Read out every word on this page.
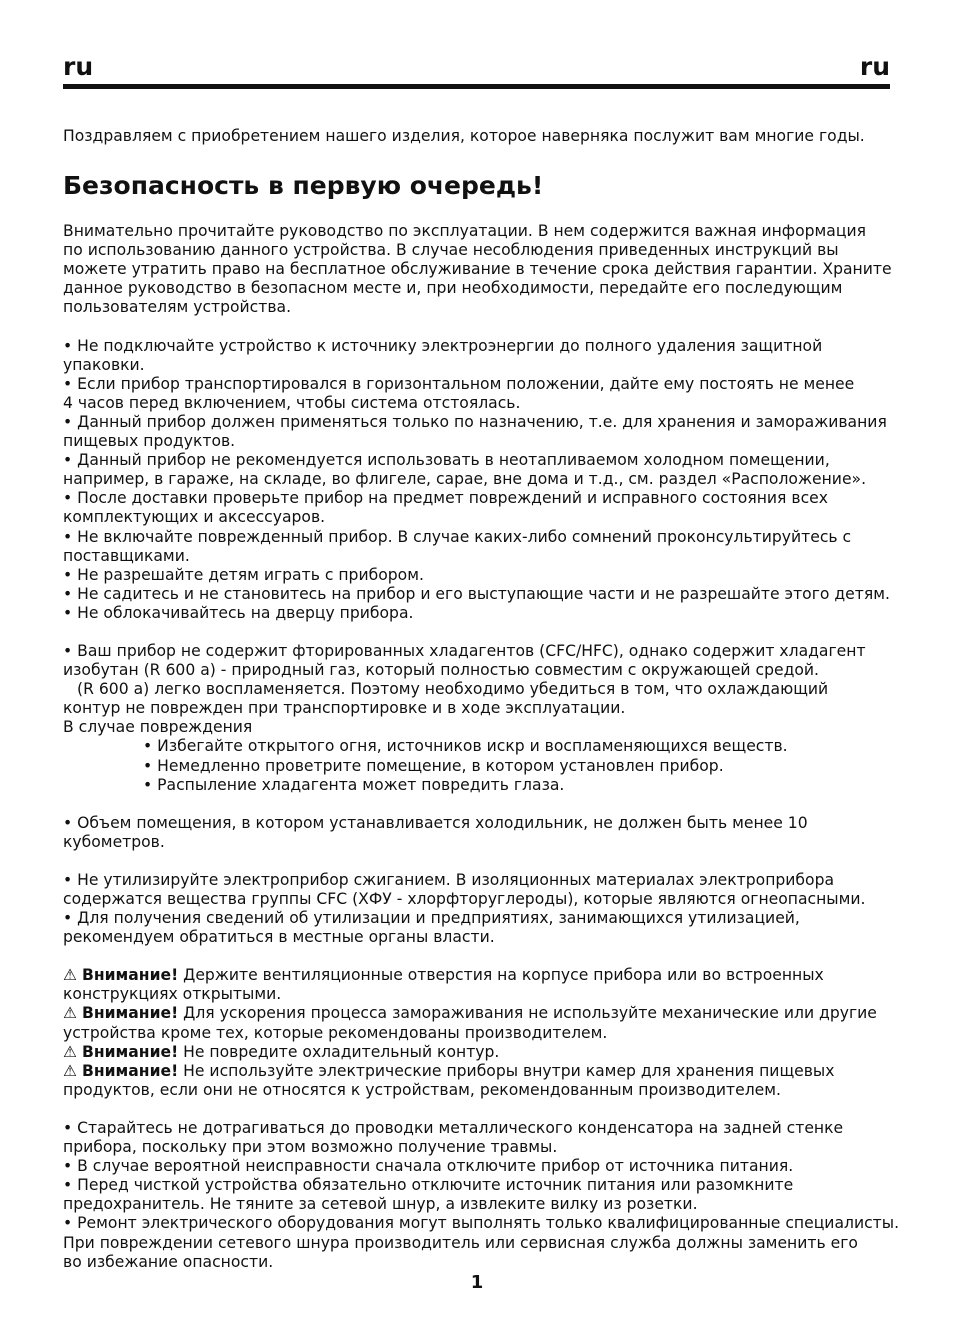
ru	ru

Поздравляем с приобретением нашего изделия, которое наверняка послужит вам многие годы.

Безопасность в первую очередь!

Внимательно прочитайте руководство по эксплуатации. В нем содержится важная информация

по использованию данного устройства. В случае несоблюдения приведенных инструкций вы

можете утратить право на бесплатное обслуживание в течение срока действия гарантии. Храните

данное руководство в безопасном месте и, при необходимости, передайте его последующим

пользователям устройства.

• Не подключайте устройство к источнику электроэнергии до полного удаления защитной

упаковки.

• Если прибор транспортировался в горизонтальном положении, дайте ему постоять не менее

4 часов перед включением, чтобы система отстоялась.

• Данный прибор должен применяться только по назначению, т.е. для хранения и замораживания

пищевых продуктов.

• Данный прибор не рекомендуется использовать в неотапливаемом холодном помещении,

например, в гараже, на складе, во флигеле, сарае, вне дома и т.д., см. раздел «Расположение».

• После доставки проверьте прибор на предмет повреждений и исправного состояния всех

комплектующих и аксессуаров.

• Не включайте поврежденный прибор. В случае каких-либо сомнений проконсультируйтесь с

поставщиками.

• Не разрешайте детям играть с прибором.

• Не садитесь и не становитесь на прибор и его выступающие части и не разрешайте этого детям.

• Не облокачивайтесь на дверцу прибора.

• Ваш прибор не содержит фторированных хладагентов (CFC/HFC), однако содержит хладагент

изобутан (R 600 a) - природный газ, который полностью совместим с окружающей средой.

(R 600 a) легко воспламеняется. Поэтому необходимо убедиться в том, что охлаждающий

контур не поврежден при транспортировке и в ходе эксплуатации.

В случае повреждения

• Избегайте открытого огня, источников искр и воспламеняющихся веществ.

• Немедленно проветрите помещение, в котором установлен прибор.

• Распыление хладагента может повредить глаза.

• Объем помещения, в котором устанавливается холодильник, не должен быть менее 10

кубометров.

• Не утилизируйте электроприбор сжиганием. В изоляционных материалах электроприбора

содержатся вещества группы CFC (ХФУ - хлорфторуглероды), которые являются огнеопасными.

• Для получения сведений об утилизации и предприятиях, занимающихся утилизацией,

рекомендуем обратиться в местные органы власти.

⚠ Внимание! Держите вентиляционные отверстия на корпусе прибора или во встроенных

конструкциях открытыми.

⚠ Внимание! Для ускорения процесса замораживания не используйте механические или другие

устройства кроме тех, которые рекомендованы производителем.

⚠ Внимание! Не повредите охладительный контур.

⚠ Внимание! Не используйте электрические приборы внутри камер для хранения пищевых

продуктов, если они не относятся к устройствам, рекомендованным производителем.

• Старайтесь не дотрагиваться до проводки металлического конденсатора на задней стенке

прибора, поскольку при этом возможно получение травмы.

• В случае вероятной неисправности сначала отключите прибор от источника питания.

• Перед чисткой устройства обязательно отключите источник питания или разомкните

предохранитель. Не тяните за сетевой шнур, а извлеките вилку из розетки.

• Ремонт электрического оборудования могут выполнять только квалифицированные специалисты.

При повреждении сетевого шнура производитель или сервисная служба должны заменить его

во избежание опасности.

1
